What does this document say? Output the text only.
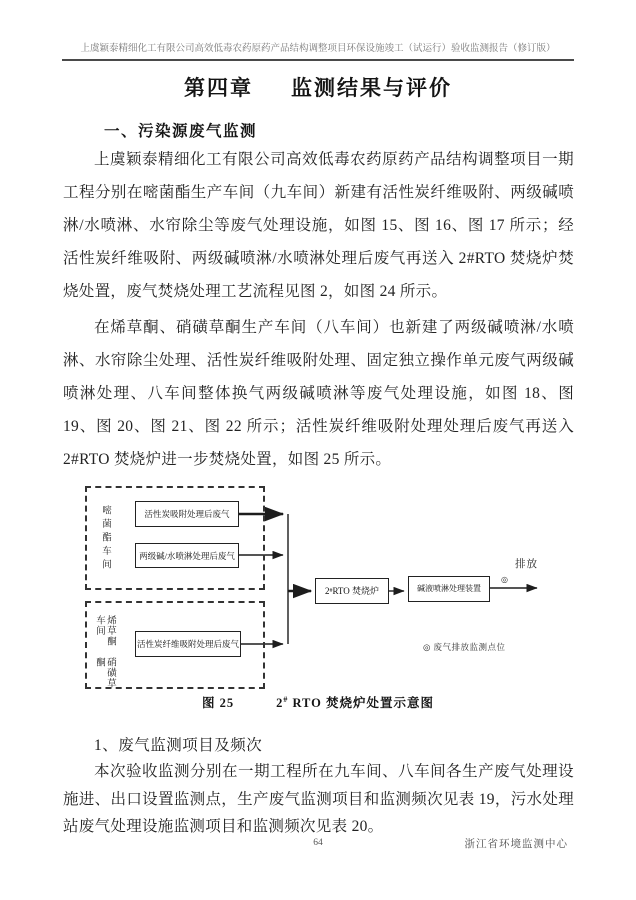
上虞颖泰精细化工有限公司高效低毒农药原药产品结构调整项目环保设施竣工（试运行）验收监测报告（修订版）
第四章 监测结果与评价
一、污染源废气监测
上虞颖泰精细化工有限公司高效低毒农药原药产品结构调整项目一期工程分别在嘧菌酯生产车间（九车间）新建有活性炭纤维吸附、两级碱喷淋/水喷淋、水帘除尘等废气处理设施，如图 15、图 16、图 17 所示；经活性炭纤维吸附、两级碱喷淋/水喷淋处理后废气再送入 2#RTO 焚烧炉焚烧处置，废气焚烧处理工艺流程见图 2，如图 24 所示。
在烯草酮、硝磺草酮生产车间（八车间）也新建了两级碱喷淋/水喷淋、水帘除尘处理、活性炭纤维吸附处理、固定独立操作单元废气两级碱喷淋处理、八车间整体换气两级碱喷淋等废气处理设施，如图 18、图 19、图 20、图 21、图 22 所示；活性炭纤维吸附处理处理后废气再送入 2#RTO 焚烧炉进一步焚烧处置，如图 25 所示。
嘧菌酯车间	活性炭吸附处理后废气
两级碱/水喷淋处理后废气
烯草酮车间
硝磺草酮
活性炭纤维吸附处理后废气
2 # RTO 焚烧炉	碱液喷淋处理装置
◎
排放
◎ 废气排放监测点位
图 25	2# RTO 焚烧炉处置示意图
1、废气监测项目及频次
本次验收监测分别在一期工程所在九车间、八车间各生产废气处理设施进、出口设置监测点，生产废气监测项目和监测频次见表 19，污水处理站废气处理设施监测项目和监测频次见表 20。
64	浙江省环境监测中心
